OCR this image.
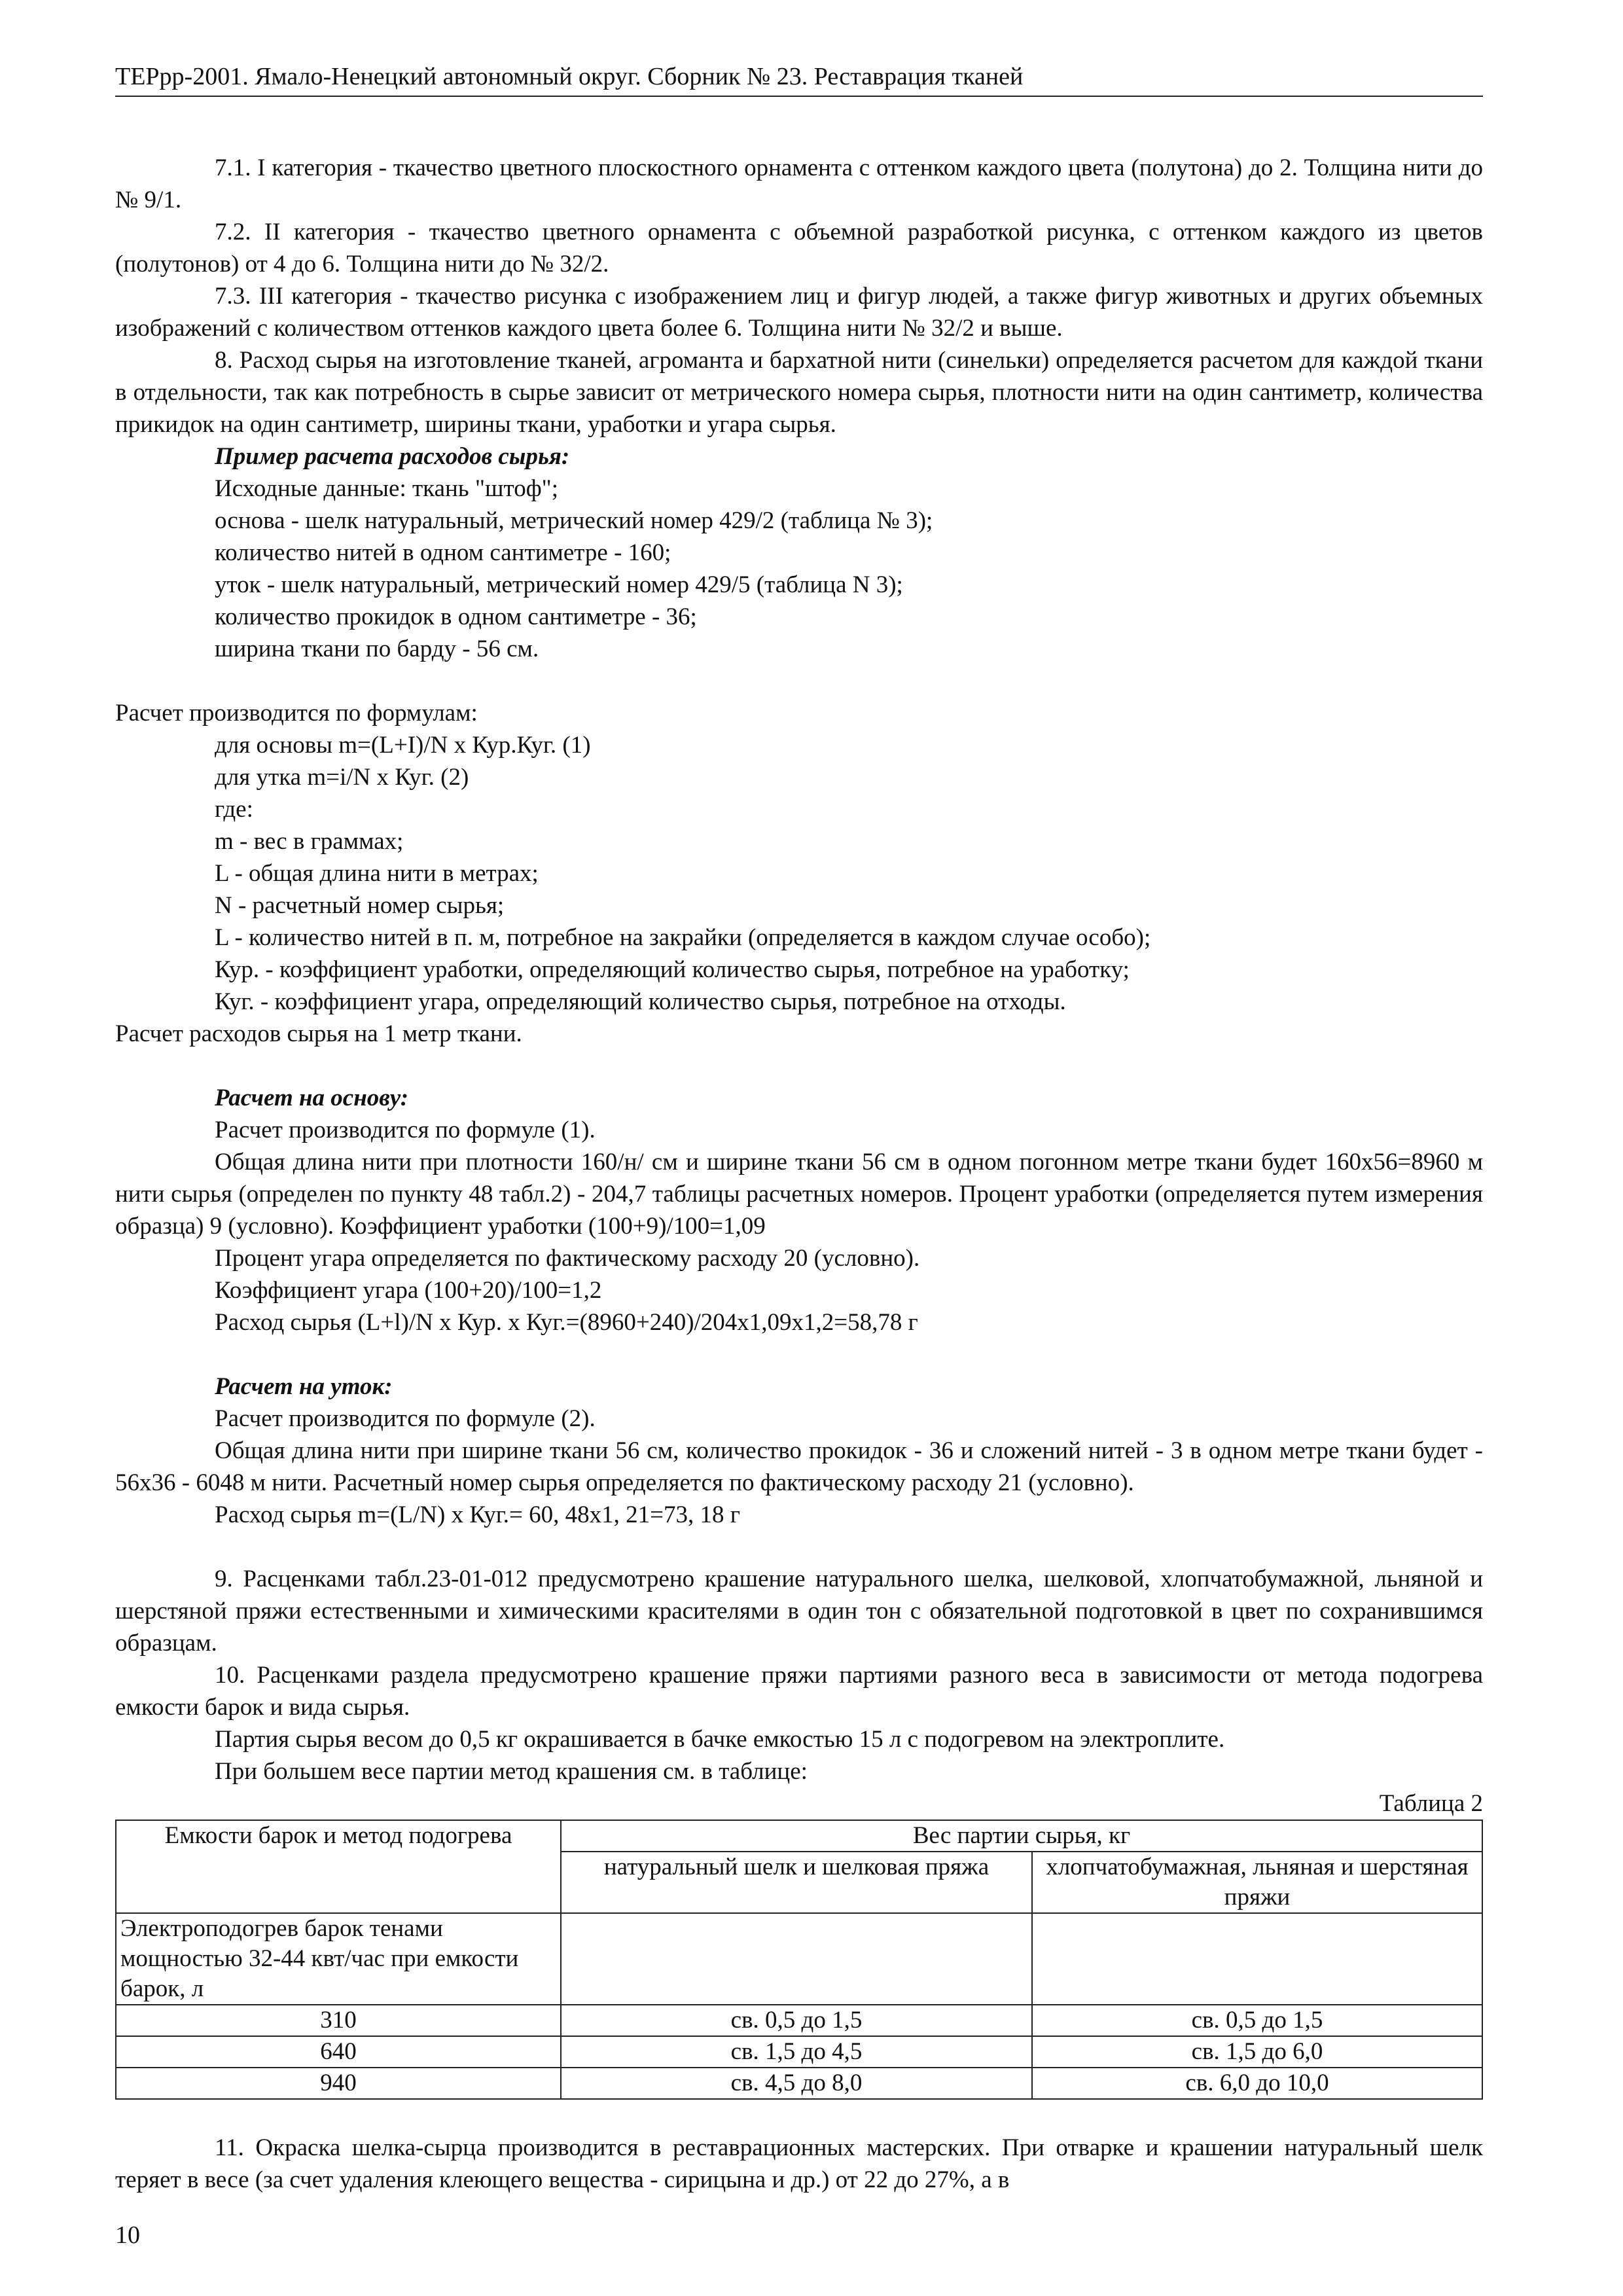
ТЕРрр-2001. Ямало-Ненецкий автономный округ. Сборник № 23. Реставрация тканей

7.1. I категория - ткачество цветного плоскостного орнамента с оттенком каждого цвета (полутона) до 2. Толщина нити до № 9/1.

7.2. II категория - ткачество цветного орнамента с объемной разработкой рисунка, с оттенком каждого из цветов (полутонов) от 4 до 6. Толщина нити до № 32/2.

7.3. III категория - ткачество рисунка с изображением лиц и фигур людей, а также фигур животных и других объемных изображений с количеством оттенков каждого цвета более 6. Толщина нити № 32/2 и выше.

8. Расход сырья на изготовление тканей, агроманта и бархатной нити (синельки) определяется расчетом для каждой ткани в отдельности, так как потребность в сырье зависит от метрического номера сырья, плотности нити на один сантиметр, количества прикидок на один сантиметр, ширины ткани, уработки и угара сырья.

Пример расчета расходов сырья:

Исходные данные: ткань "штоф";

основа - шелк натуральный, метрический номер 429/2 (таблица № 3);

количество нитей в одном сантиметре - 160;

уток - шелк натуральный, метрический номер 429/5 (таблица N 3);

количество прокидок в одном сантиметре - 36;

ширина ткани по барду - 56 см.

Расчет производится по формулам:

для основы m=(L+I)/N х Кур.Куг. (1)

для утка m=i/N х Куг. (2)

где:

m - вес в граммах;

L - общая длина нити в метрах;

N - расчетный номер сырья;

L - количество нитей в п. м, потребное на закрайки (определяется в каждом случае особо);

Кур. - коэффициент уработки, определяющий количество сырья, потребное на уработку;

Куг. - коэффициент угара, определяющий количество сырья, потребное на отходы.

Расчет расходов сырья на 1 метр ткани.

Расчет на основу:

Расчет производится по формуле (1).

Общая длина нити при плотности 160/н/ см и ширине ткани 56 см в одном погонном метре ткани будет 160х56=8960 м нити сырья (определен по пункту 48 табл.2) - 204,7 таблицы расчетных номеров. Процент уработки (определяется путем измерения образца) 9 (условно). Коэффициент уработки (100+9)/100=1,09

Процент угара определяется по фактическому расходу 20 (условно).

Коэффициент угара (100+20)/100=1,2

Расход сырья (L+l)/N х Кур. х Куг.=(8960+240)/204х1,09х1,2=58,78 г

Расчет на уток:

Расчет производится по формуле (2).

Общая длина нити при ширине ткани 56 см, количество прокидок - 36 и сложений нитей - 3 в одном метре ткани будет - 56х36 - 6048 м нити. Расчетный номер сырья определяется по фактическому расходу 21 (условно).

Расход сырья m=(L/N) х Куг.= 60, 48х1, 21=73, 18 г

9. Расценками табл.23-01-012 предусмотрено крашение натурального шелка, шелковой, хлопчатобумажной, льняной и шерстяной пряжи естественными и химическими красителями в один тон с обязательной подготовкой в цвет по сохранившимся образцам.

10. Расценками раздела предусмотрено крашение пряжи партиями разного веса в зависимости от метода подогрева емкости барок и вида сырья.

Партия сырья весом до 0,5 кг окрашивается в бачке емкостью 15 л с подогревом на электроплите.

При большем весе партии метод крашения см. в таблице:

Таблица 2

Емкости барок и метод подогрева	Вес партии сырья, кг	
	натуральный шелк и шелковая пряжа	хлопчатобумажная, льняная и шерстяная пряжи
Электроподогрев барок тенами мощностью 32-44 квт/час при емкости барок, л		
310	св. 0,5 до 1,5	св. 0,5 до 1,5
640	св. 1,5 до 4,5	св. 1,5 до 6,0
940	св. 4,5 до 8,0	св. 6,0 до 10,0

11. Окраска шелка-сырца производится в реставрационных мастерских. При отварке и крашении натуральный шелк теряет в весе (за счет удаления клеющего вещества - сирицына и др.) от 22 до 27%, а в

10
